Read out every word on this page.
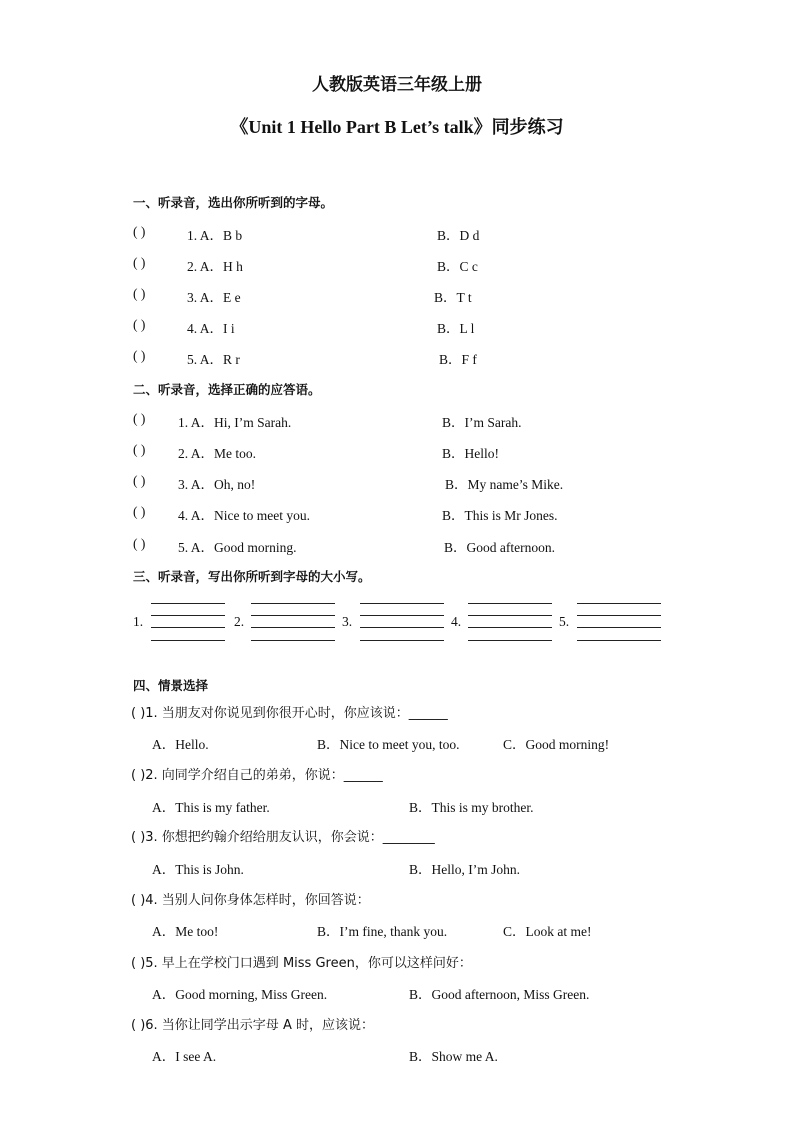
人教版英语三年级上册
《Unit 1 Hello Part B Let’s talk》同步练习
一、听录音，选出你所听到的字母。
( )	1. A．B b	B．D d
( )	2. A．H h	B．C c
( )	3. A．E e	B．T t
( )	4. A．I i	B．L l
( )	5. A．R r	B．F f
二、听录音，选择正确的应答语。
( ) 1. A．Hi, I’m Sarah.	B．I’m Sarah.
( ) 2. A．Me too.	B．Hello!
( ) 3. A．Oh, no!	B．My name’s Mike.
( ) 4. A．Nice to meet you.	B．This is Mr Jones.
( ) 5. A．Good morning.	B．Good afternoon.
三、听录音，写出你所听到字母的大小写。
1.	2.	3.	4.	5.
四、情景选择
( )1. 当朋友对你说见到你很开心时，你应该说：______
A．Hello.	B．Nice to meet you, too.	C．Good morning!
( )2. 向同学介绍自己的弟弟，你说：______
A．This is my father.	B．This is my brother.
( )3. 你想把约翰介绍给朋友认识，你会说：________
A．This is John.	B．Hello, I’m John.
( )4. 当别人问你身体怎样时，你回答说：
A．Me too!	B．I’m fine, thank you.	C．Look at me!
( )5. 早上在学校门口遇到 Miss Green，你可以这样问好：
A．Good morning, Miss Green.	B．Good afternoon, Miss Green.
( )6. 当你让同学出示字母 A 时，应该说：
A．I see A.	B．Show me A.
